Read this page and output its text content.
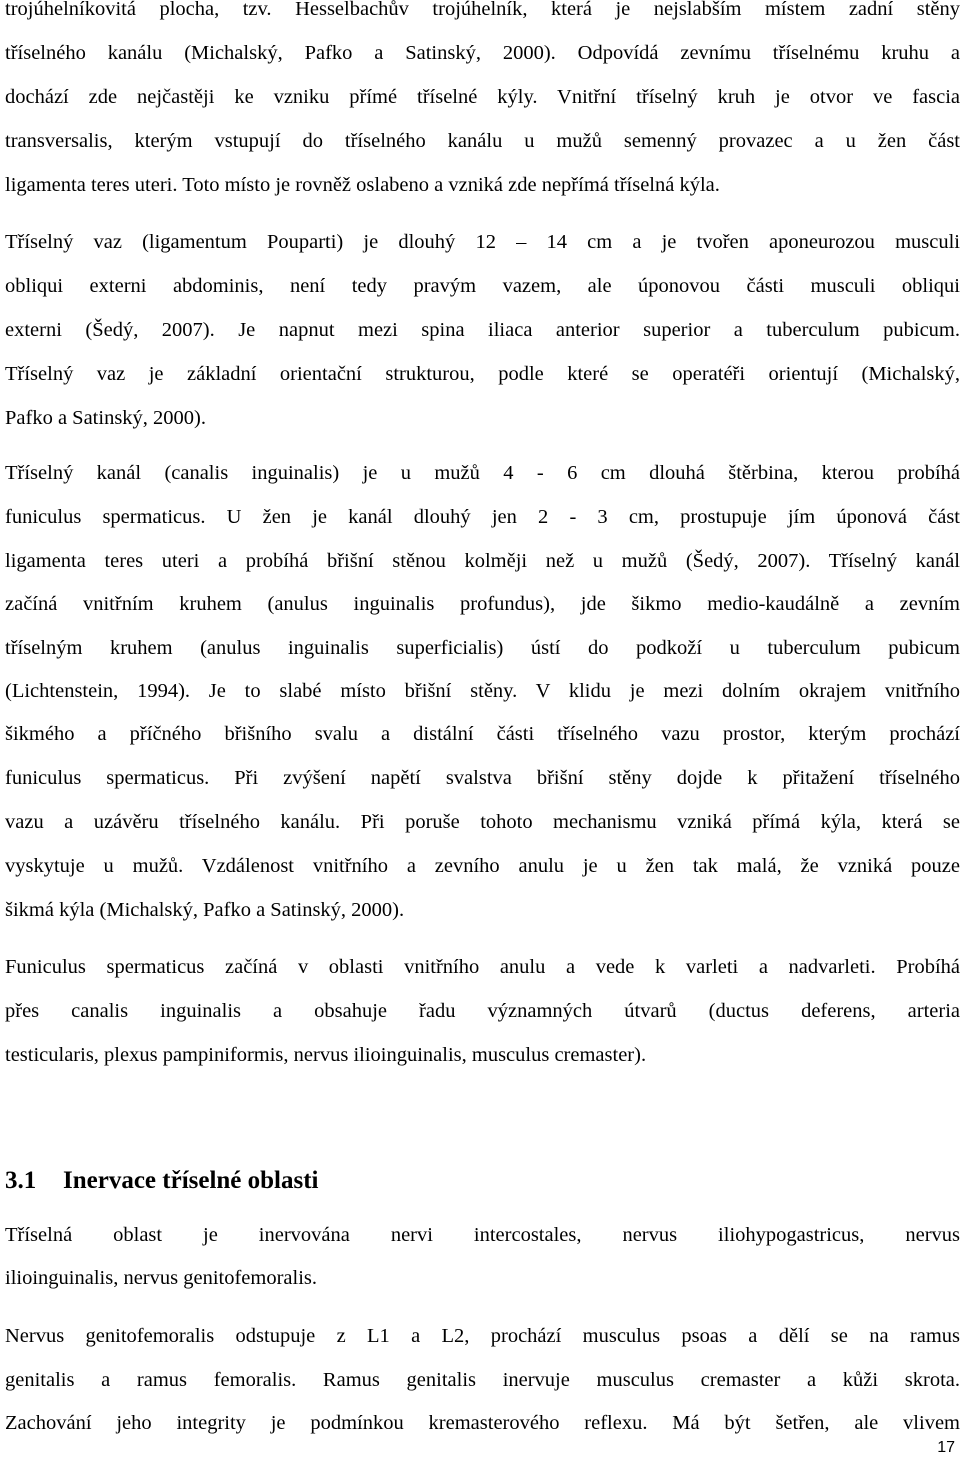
trojúhelníkovitá plocha, tzv. Hesselbachův trojúhelník, která je nejslabším místem zadní stěny
tříselného kanálu (Michalský, Pafko a Satinský, 2000). Odpovídá zevnímu tříselnému kruhu a
dochází zde nejčastěji ke vzniku přímé tříselné kýly. Vnitřní tříselný kruh je otvor ve fascia
transversalis, kterým vstupují do tříselného kanálu u mužů semenný provazec a u žen část
ligamenta teres uteri. Toto místo je rovněž oslabeno a vzniká zde nepřímá tříselná kýla.
Tříselný vaz (ligamentum Pouparti) je dlouhý 12 – 14 cm a je tvořen aponeurozou musculi
obliqui externi abdominis, není tedy pravým vazem, ale úponovou části musculi obliqui
externi (Šedý, 2007). Je napnut mezi spina iliaca anterior superior a tuberculum pubicum.
Tříselný vaz je základní orientační strukturou, podle které se operatéři orientují (Michalský,
Pafko a Satinský, 2000).
Tříselný kanál (canalis inguinalis) je u mužů 4 - 6 cm dlouhá štěrbina, kterou probíhá
funiculus spermaticus. U žen je kanál dlouhý jen 2 - 3 cm, prostupuje jím úponová část
ligamenta teres uteri a probíhá břišní stěnou kolměji než u mužů (Šedý, 2007). Tříselný kanál
začíná vnitřním kruhem (anulus inguinalis profundus), jde šikmo medio-kaudálně a zevním
tříselným kruhem (anulus inguinalis superficialis) ústí do podkoží u tuberculum pubicum
(Lichtenstein, 1994). Je to slabé místo břišní stěny. V klidu je mezi dolním okrajem vnitřního
šikmého a příčného břišního svalu a distální části tříselného vazu prostor, kterým prochází
funiculus spermaticus. Při zvýšení napětí svalstva břišní stěny dojde k přitažení tříselného
vazu a uzávěru tříselného kanálu. Při poruše tohoto mechanismu vzniká přímá kýla, která se
vyskytuje u mužů. Vzdálenost vnitřního a zevního anulu je u žen tak malá, že vzniká pouze
šikmá kýla (Michalský, Pafko a Satinský, 2000).
Funiculus spermaticus začíná v oblasti vnitřního anulu a vede k varleti a nadvarleti. Probíhá
přes canalis inguinalis a obsahuje řadu významných útvarů (ductus deferens, arteria
testicularis, plexus pampiniformis, nervus ilioinguinalis, musculus cremaster).
3.1 Inervace tříselné oblasti
Tříselná oblast je inervována nervi intercostales, nervus iliohypogastricus, nervus
ilioinguinalis, nervus genitofemoralis.
Nervus genitofemoralis odstupuje z L1 a L2, prochází musculus psoas a dělí se na ramus
genitalis a ramus femoralis. Ramus genitalis inervuje musculus cremaster a kůži skrota.
Zachování jeho integrity je podmínkou kremasterového reflexu. Má být šetřen, ale vlivem
17
